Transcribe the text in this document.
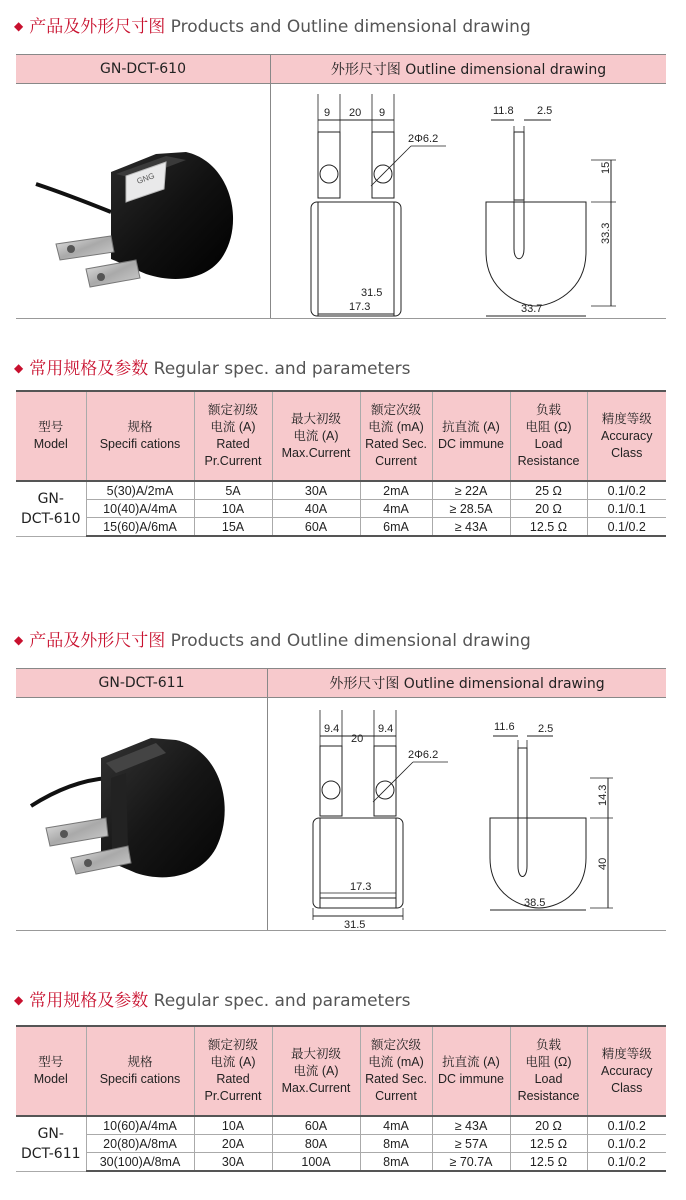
◆ 产品及外形尺寸图 Products and Outline dimensional drawing
GN-DCT-610	外形尺寸图 Outline dimensional drawing
GNG
9	9
20
2Φ6.2
17.3
11.8 2.5
15
33.3
33.7
31.5
◆ 常用规格及参数 Regular spec. and parameters
型号
Model	规格
Specifi cations	额定初级
电流 (A)
Rated
Pr.Current	最大初级
电流 (A)
Max.Current	额定次级
电流 (mA)
Rated Sec.
Current	抗直流 (A)
DC immune	负载
电阻 (Ω)
Load
Resistance	精度等级
Accuracy
Class
GN-
DCT-610	5(30)A/2mA	5A	30A	2mA	≥ 22A	25 Ω	0.1/0.2
	10(40)A/4mA	10A	40A	4mA	≥ 28.5A	20 Ω	0.1/0.1
	15(60)A/6mA	15A	60A	6mA	≥ 43A	12.5 Ω	0.1/0.2
◆ 产品及外形尺寸图 Products and Outline dimensional drawing
GN-DCT-611	外形尺寸图 Outline dimensional drawing
9.4	9.4
20
2Φ6.2
17.3
31.5
11.6 2.5
14.3
40
38.5
◆ 常用规格及参数 Regular spec. and parameters
型号
Model	规格
Specifi cations	额定初级
电流 (A)
Rated
Pr.Current	最大初级
电流 (A)
Max.Current	额定次级
电流 (mA)
Rated Sec.
Current	抗直流 (A)
DC immune	负载
电阻 (Ω)
Load
Resistance	精度等级
Accuracy
Class
GN-
DCT-611	10(60)A/4mA	10A	60A	4mA	≥ 43A	20 Ω	0.1/0.2
	20(80)A/8mA	20A	80A	8mA	≥ 57A	12.5 Ω	0.1/0.2
	30(100)A/8mA	30A	100A	8mA	≥ 70.7A	12.5 Ω	0.1/0.2
